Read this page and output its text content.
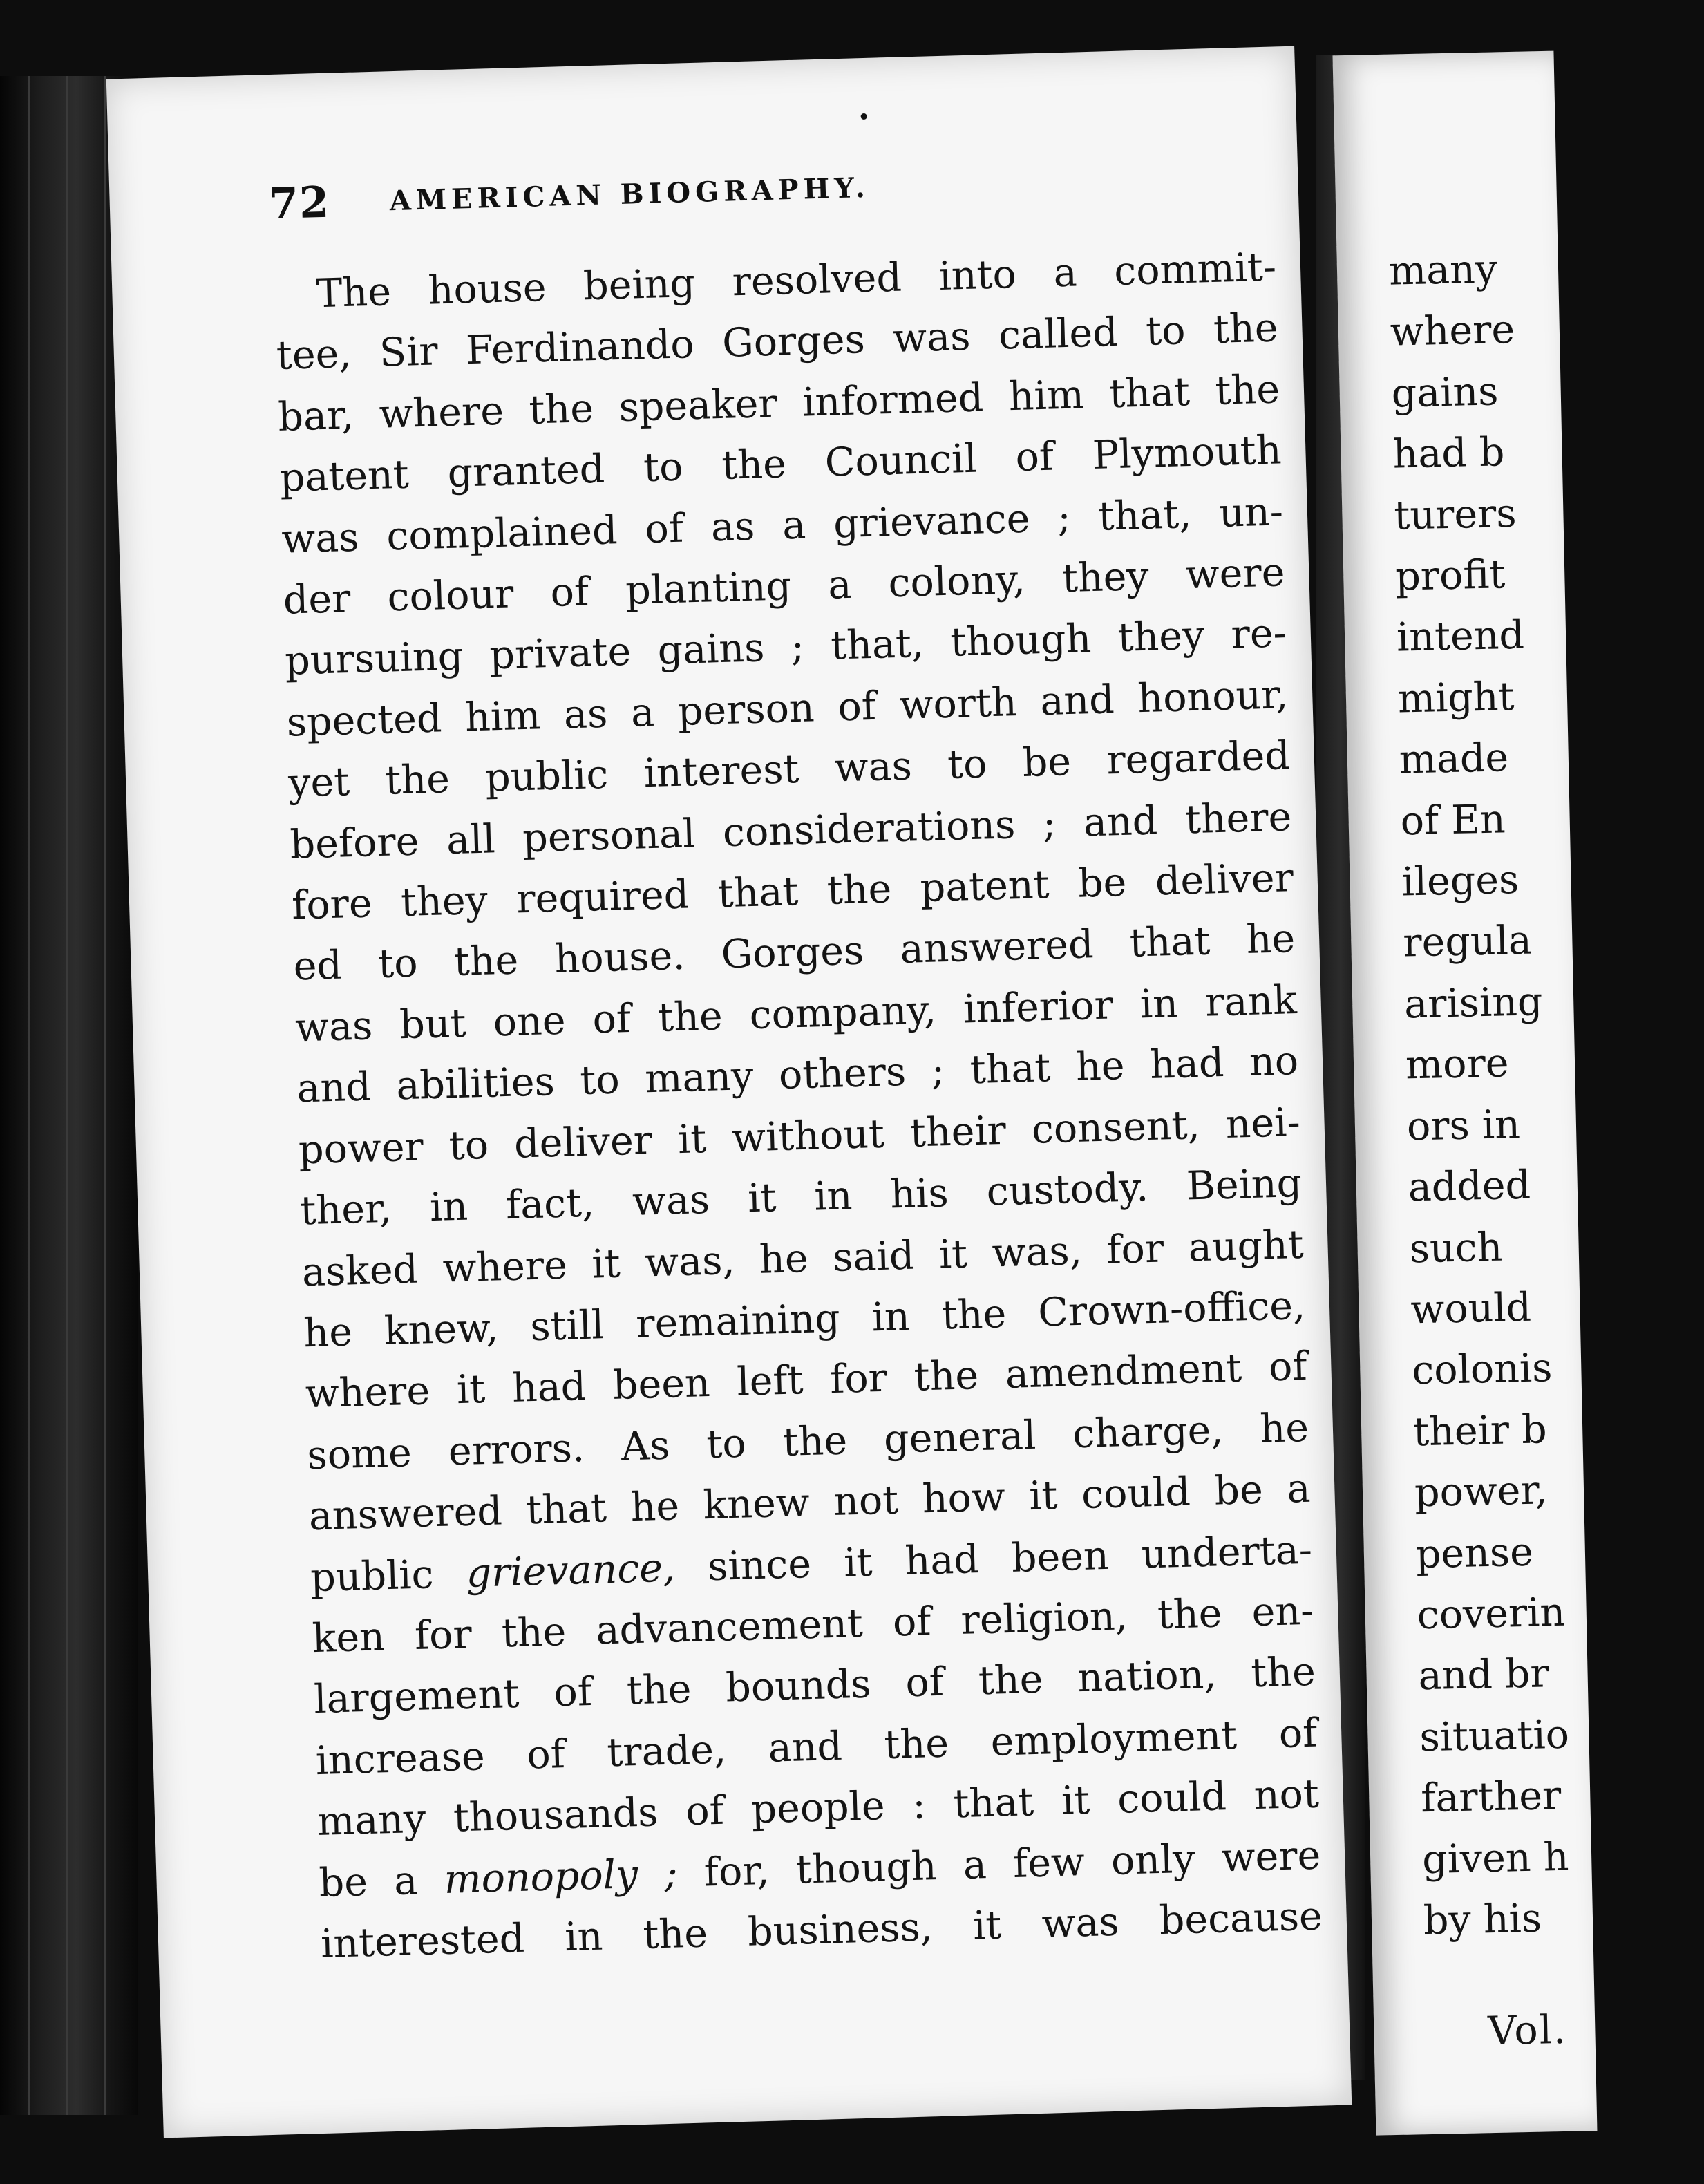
many
where
gains
had b
turers
profit
intend
might
made
of En
ileges
regula
arising
more
ors in
added
such
would
colonis
their b
power,
pense
coverin
and br
situatio
farther
given h
by his
Vol.
72 AMERICAN BIOGRAPHY.
The house being resolved into a commit-
tee, Sir Ferdinando Gorges was called to the
bar, where the speaker informed him that the
patent granted to the Council of Plymouth
was complained of as a grievance ; that, un-
der colour of planting a colony, they were
pursuing private gains ; that, though they re-
spected him as a person of worth and honour,
yet the public interest was to be regarded
before all personal considerations ; and there
fore they required that the patent be deliver
ed to the house. Gorges answered that he
was but one of the company, inferior in rank
and abilities to many others ; that he had no
power to deliver it without their consent, nei-
ther, in fact, was it in his custody. Being
asked where it was, he said it was, for aught
he knew, still remaining in the Crown-office,
where it had been left for the amendment of
some errors. As to the general charge, he
answered that he knew not how it could be a
public grievance, since it had been underta-
ken for the advancement of religion, the en-
largement of the bounds of the nation, the
increase of trade, and the employment of
many thousands of people : that it could not
be a monopoly ; for, though a few only were
interested in the business, it was because
